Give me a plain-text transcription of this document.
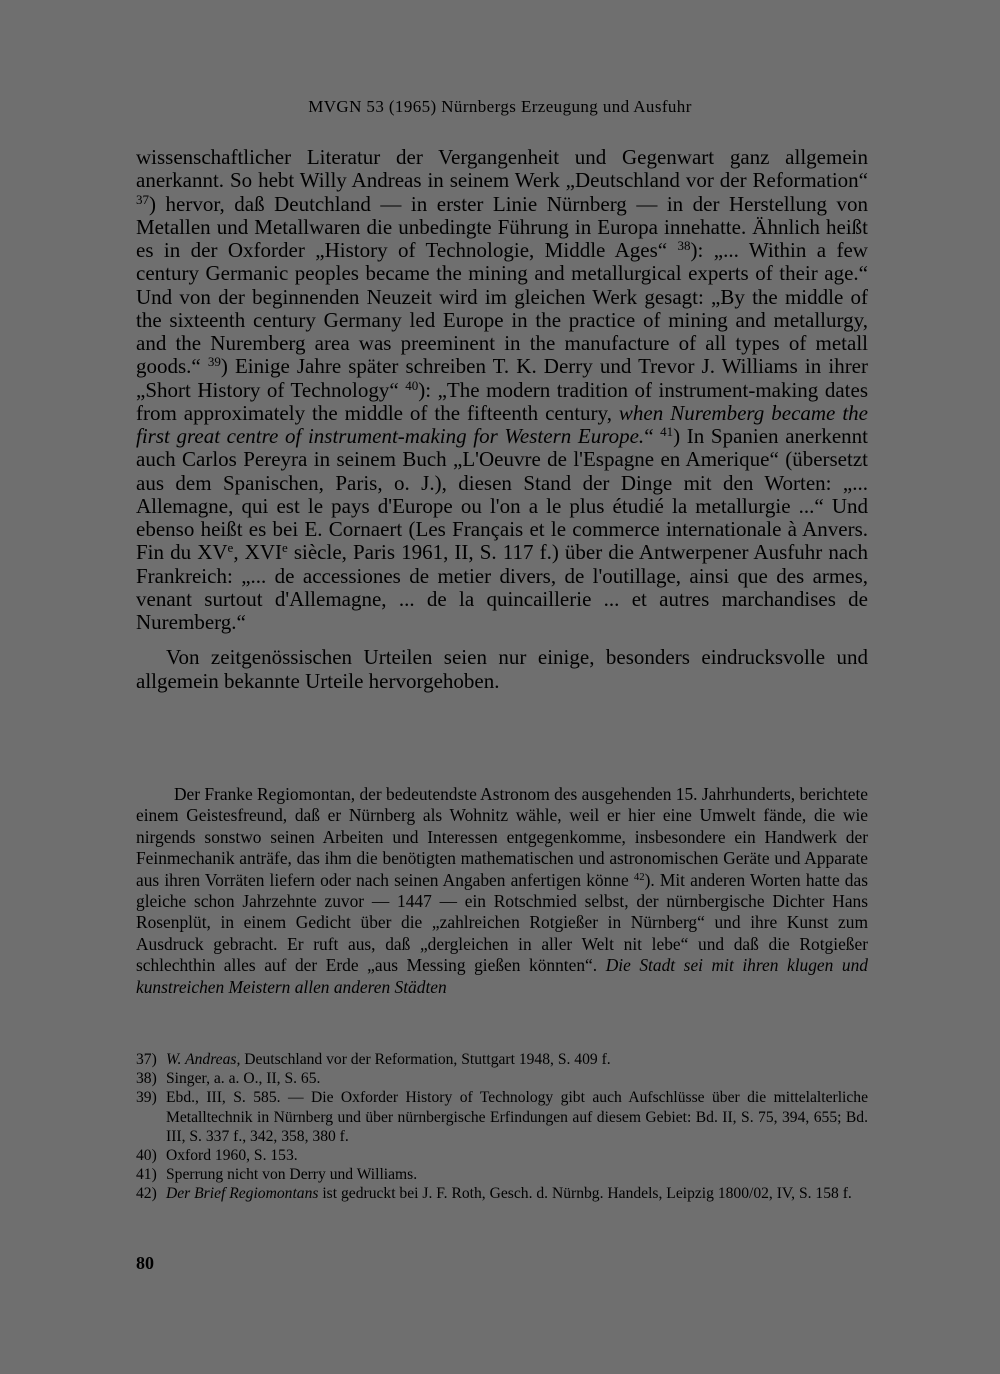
MVGN 53 (1965) Nürnbergs Erzeugung und Ausfuhr

wissenschaftlicher Literatur der Vergangenheit und Gegenwart ganz allgemein anerkannt. So hebt Willy Andreas in seinem Werk „Deutschland vor der Reformation“ $^{37}$) hervor, daß Deutchland — in erster Linie Nürnberg — in der Herstellung von Metallen und Metallwaren die unbedingte Führung in Europa innehatte. Ähnlich heißt es in der Oxforder „History of Technologie, Middle Ages“ $^{38}$): „... Within a few century Germanic peoples became the mining and metallurgical experts of their age.“ Und von der beginnenden Neuzeit wird im gleichen Werk gesagt: „By the middle of the sixteenth century Germany led Europe in the practice of mining and metallurgy, and the Nuremberg area was preeminent in the manufacture of all types of metall goods.“ $^{39}$) Einige Jahre später schreiben T. K. Derry und Trevor J. Williams in ihrer „Short History of Technology“ $^{40}$): „The modern tradition of instrument-making dates from approximately the middle of the fifteenth century, when Nuremberg became the first great centre of instrument-making for Western Europe.“ $^{41}$) In Spanien anerkennt auch Carlos Pereyra in seinem Buch „L'Oeuvre de l'Espagne en Amerique“ (übersetzt aus dem Spanischen, Paris, o. J.), diesen Stand der Dinge mit den Worten: „... Allemagne, qui est le pays d'Europe ou l'on a le plus étudié la metallurgie ...“ Und ebenso heißt es bei E. Cornaert (Les Français et le commerce internationale à Anvers. Fin du XVe, XVIe siècle, Paris 1961, II, S. 117 f.) über die Antwerpener Ausfuhr nach Frankreich: „... de accessiones de metier divers, de l'outillage, ainsi que des armes, venant surtout d'Allemagne, ... de la quincaillerie ... et autres marchandises de Nuremberg.“

Von zeitgenössischen Urteilen seien nur einige, besonders eindrucksvolle und allgemein bekannte Urteile hervorgehoben.

Der Franke Regiomontan, der bedeutendste Astronom des ausgehenden 15. Jahrhunderts, berichtete einem Geistesfreund, daß er Nürnberg als Wohnitz wähle, weil er hier eine Umwelt fände, die wie nirgends sonstwo seinen Arbeiten und Interessen entgegenkomme, insbesondere ein Handwerk der Feinmechanik anträfe, das ihm die benötigten mathematischen und astronomischen Geräte und Apparate aus ihren Vorräten liefern oder nach seinen Angaben anfertigen könne $^{42}$). Mit anderen Worten hatte das gleiche schon Jahrzehnte zuvor — 1447 — ein Rotschmied selbst, der nürnbergische Dichter Hans Rosenplüt, in einem Gedicht über die „zahlreichen Rotgießer in Nürnberg“ und ihre Kunst zum Ausdruck gebracht. Er ruft aus, daß „dergleichen in aller Welt nit lebe“ und daß die Rotgießer schlechthin alles auf der Erde „aus Messing gießen könnten“. Die Stadt sei mit ihren klugen und kunstreichen Meistern allen anderen Städten
37) W. Andreas, Deutschland vor der Reformation, Stuttgart 1948, S. 409 f.
38) Singer, a. a. O., II, S. 65.
39) Ebd., III, S. 585. — Die Oxforder History of Technology gibt auch Aufschlüsse über die mittelalterliche Metalltechnik in Nürnberg und über nürnbergische Erfindungen auf diesem Gebiet: Bd. II, S. 75, 394, 655; Bd. III, S. 337 f., 342, 358, 380 f.
40) Oxford 1960, S. 153.
41) Sperrung nicht von Derry und Williams.
42) Der Brief Regiomontans ist gedruckt bei J. F. Roth, Gesch. d. Nürnbg. Handels, Leipzig 1800/02, IV, S. 158 f.
80
